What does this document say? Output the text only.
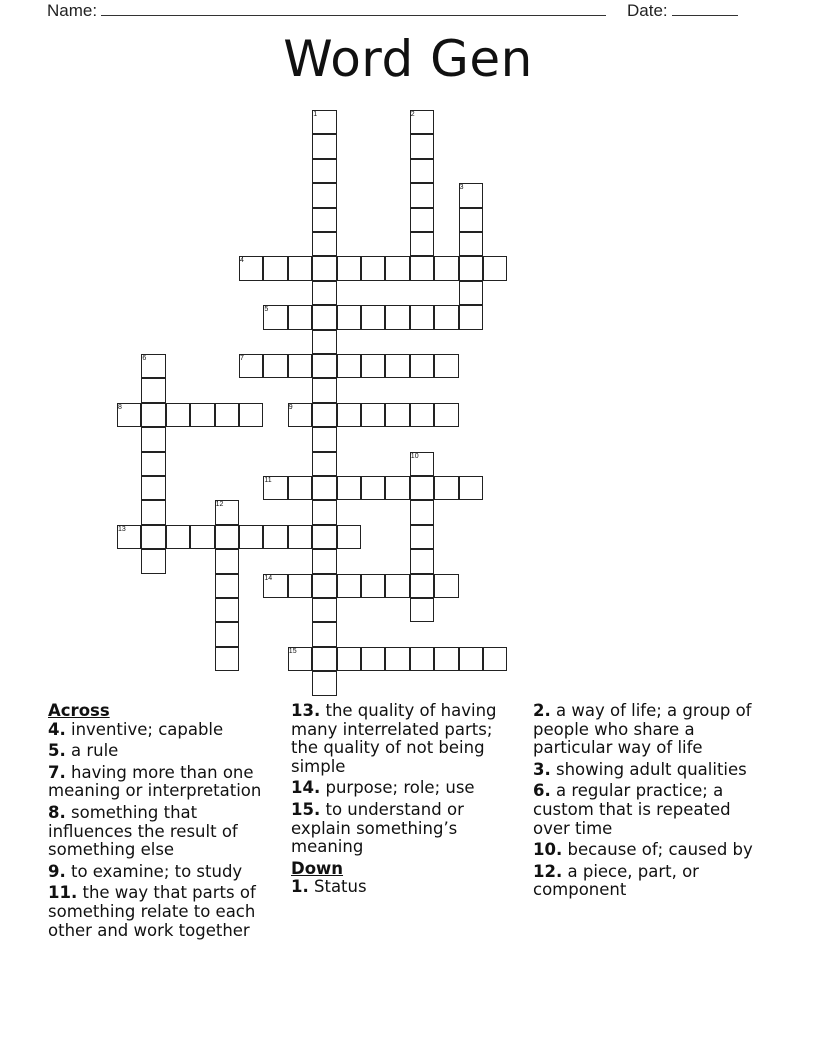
Name:	Date:
Word Gen
1	2
3
4
5
6	7
8	9
10
11
12
13
14
15
Across
4. inventive; capable
5. a rule
7. having more than one meaning or interpretation
8. something that influences the result of something else
9. to examine; to study
11. the way that parts of something relate to each other and work together
13. the quality of having many interrelated parts; the quality of not being simple
14. purpose; role; use
15. to understand or explain something’s meaning
Down
1. Status
2. a way of life; a group of people who share a particular way of life
3. showing adult qualities
6. a regular practice; a custom that is repeated over time
10. because of; caused by
12. a piece, part, or component
